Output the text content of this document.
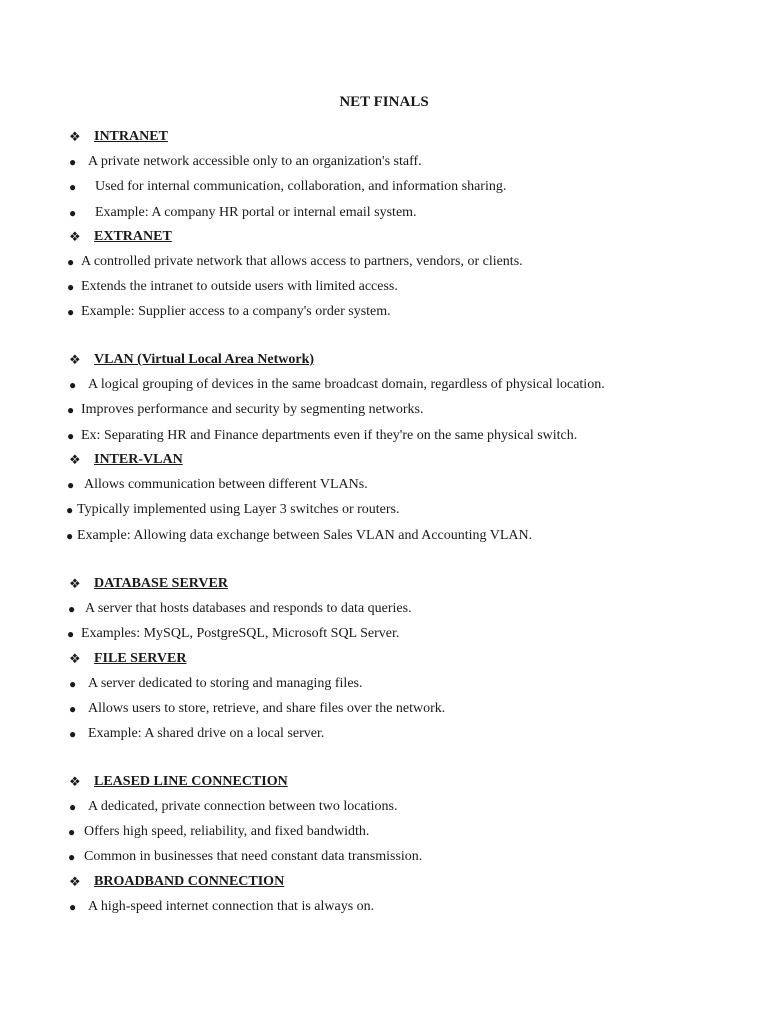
NET FINALS
❖ INTRANET
● A private network accessible only to an organization's staff.
● Used for internal communication, collaboration, and information sharing.
● Example: A company HR portal or internal email system.
❖ EXTRANET
● A controlled private network that allows access to partners, vendors, or clients.
● Extends the intranet to outside users with limited access.
● Example: Supplier access to a company's order system.
❖ VLAN (Virtual Local Area Network)
● A logical grouping of devices in the same broadcast domain, regardless of physical location.
● Improves performance and security by segmenting networks.
● Ex: Separating HR and Finance departments even if they're on the same physical switch.
❖ INTER-VLAN
● Allows communication between different VLANs.
● Typically implemented using Layer 3 switches or routers.
● Example: Allowing data exchange between Sales VLAN and Accounting VLAN.
❖ DATABASE SERVER
● A server that hosts databases and responds to data queries.
● Examples: MySQL, PostgreSQL, Microsoft SQL Server.
❖ FILE SERVER
● A server dedicated to storing and managing files.
● Allows users to store, retrieve, and share files over the network.
● Example: A shared drive on a local server.
❖ LEASED LINE CONNECTION
● A dedicated, private connection between two locations.
● Offers high speed, reliability, and fixed bandwidth.
● Common in businesses that need constant data transmission.
❖ BROADBAND CONNECTION
● A high-speed internet connection that is always on.
